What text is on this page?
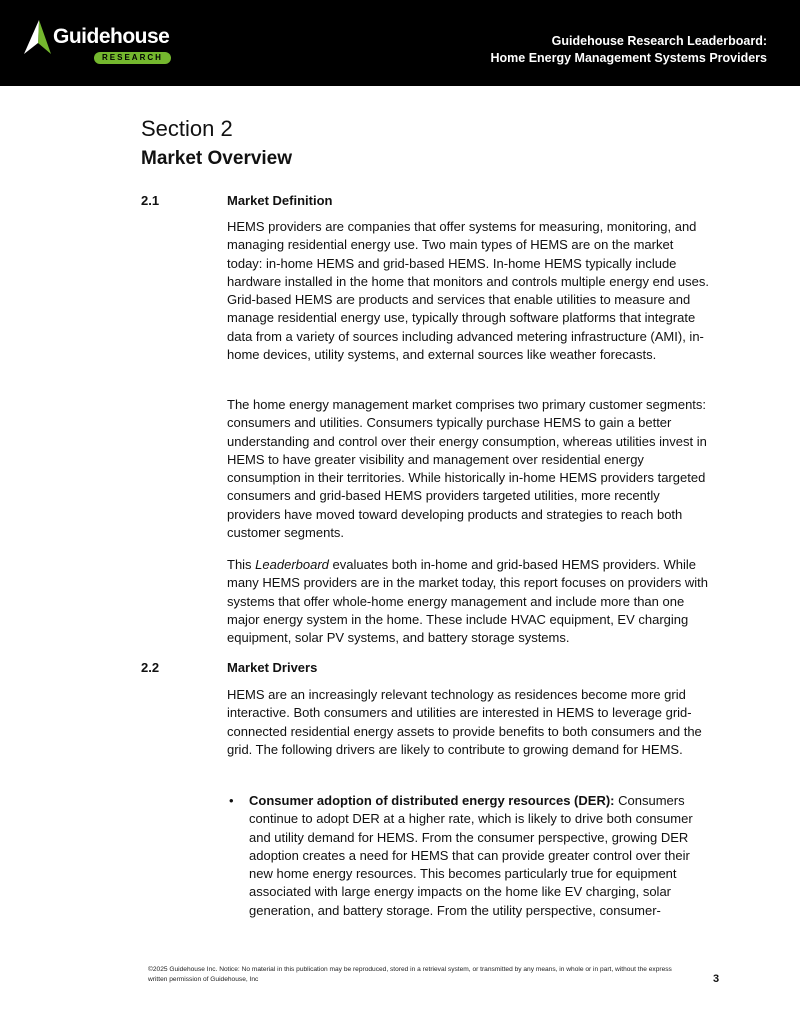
Guidehouse
RESEARCH
Guidehouse Research Leaderboard:
Home Energy Management Systems Providers
Section 2
Market Overview
2.1	Market Definition

HEMS providers are companies that offer systems for measuring, monitoring, and managing residential energy use. Two main types of HEMS are on the market today: in-home HEMS and grid-based HEMS. In-home HEMS typically include hardware installed in the home that monitors and controls multiple energy end uses. Grid-based HEMS are products and services that enable utilities to measure and manage residential energy use, typically through software platforms that integrate data from a variety of sources including advanced metering infrastructure (AMI), in-home devices, utility systems, and external sources like weather forecasts.

The home energy management market comprises two primary customer segments: consumers and utilities. Consumers typically purchase HEMS to gain a better understanding and control over their energy consumption, whereas utilities invest in HEMS to have greater visibility and management over residential energy consumption in their territories. While historically in-home HEMS providers targeted consumers and grid-based HEMS providers targeted utilities, more recently providers have moved toward developing products and strategies to reach both customer segments.

This Leaderboard evaluates both in-home and grid-based HEMS providers. While many HEMS providers are in the market today, this report focuses on providers with systems that offer whole-home energy management and include more than one major energy system in the home. These include HVAC equipment, EV charging equipment, solar PV systems, and battery storage systems.

2.2	Market Drivers

HEMS are an increasingly relevant technology as residences become more grid interactive. Both consumers and utilities are interested in HEMS to leverage grid-connected residential energy assets to provide benefits to both consumers and the grid. The following drivers are likely to contribute to growing demand for HEMS.

• Consumer adoption of distributed energy resources (DER): Consumers continue to adopt DER at a higher rate, which is likely to drive both consumer and utility demand for HEMS. From the consumer perspective, growing DER adoption creates a need for HEMS that can provide greater control over their new home energy resources. This becomes particularly true for equipment associated with large energy impacts on the home like EV charging, solar generation, and battery storage. From the utility perspective, consumer-

©2025 Guidehouse Inc. Notice: No material in this publication may be reproduced, stored in a retrieval system, or transmitted by any means, in whole or in part, without the express written permission of Guidehouse, Inc	3
